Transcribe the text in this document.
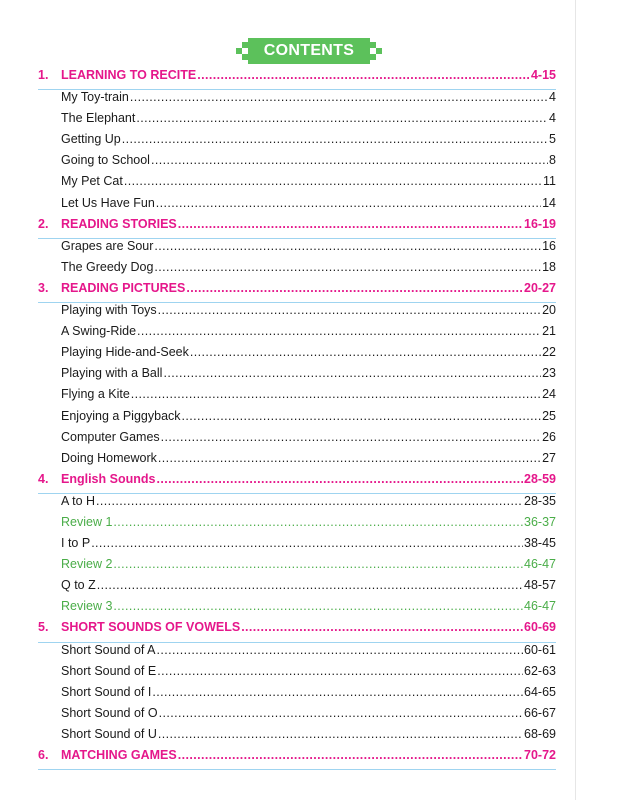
CONTENTS
1.	LEARNING TO RECITE .....	4-15
My Toy-train .....	4
The Elephant .....	4
Getting Up .....	5
Going to School .....	8
My Pet Cat .....	11
Let Us Have Fun .....	14
2.	READING STORIES .....	16-19
Grapes are Sour .....	16
The Greedy Dog .....	18
3.	READING PICTURES .....	20-27
Playing with Toys .....	20
A Swing-Ride .....	21
Playing Hide-and-Seek .....	22
Playing with a Ball .....	23
Flying a Kite .....	24
Enjoying a Piggyback .....	25
Computer Games .....	26
Doing Homework .....	27
4.	English Sounds .....	28-59
A to H .....	28-35
Review 1 .....	36-37
I to P .....	38-45
Review 2 .....	46-47
Q to Z .....	48-57
Review 3 .....	46-47
5.	SHORT SOUNDS OF VOWELS .....	60-69
Short Sound of A .....	60-61
Short Sound of E .....	62-63
Short Sound of I .....	64-65
Short Sound of O .....	66-67
Short Sound of U .....	68-69
6.	MATCHING GAMES .....	70-72
